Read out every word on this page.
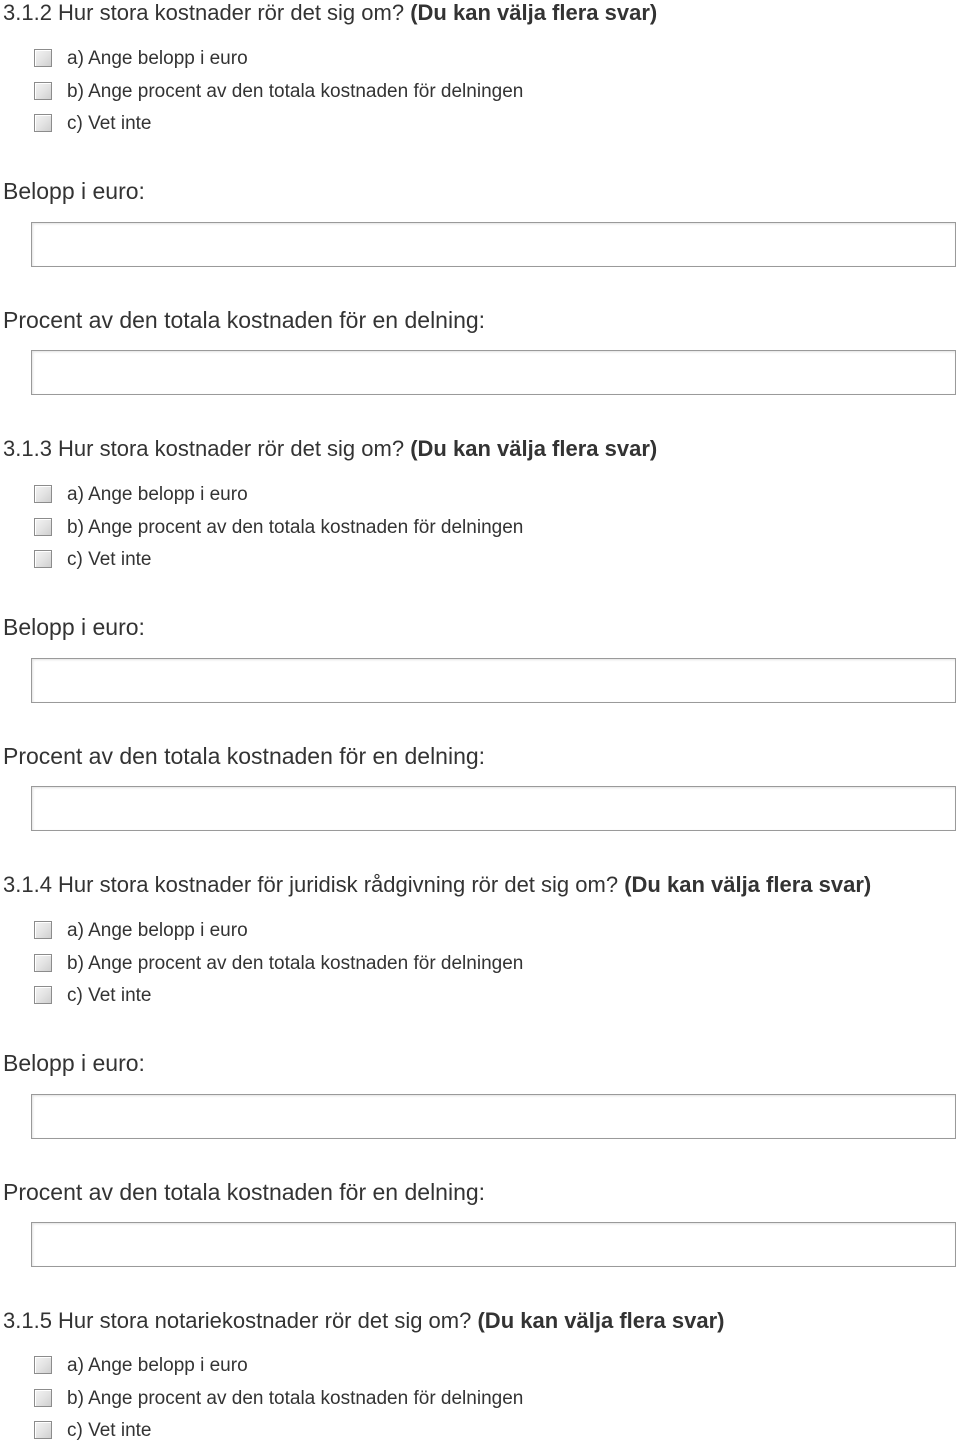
3.1.2 Hur stora kostnader rör det sig om? (Du kan välja flera svar)
a) Ange belopp i euro
b) Ange procent av den totala kostnaden för delningen
c) Vet inte
Belopp i euro:
Procent av den totala kostnaden för en delning:
3.1.3 Hur stora kostnader rör det sig om? (Du kan välja flera svar)
a) Ange belopp i euro
b) Ange procent av den totala kostnaden för delningen
c) Vet inte
Belopp i euro:
Procent av den totala kostnaden för en delning:
3.1.4 Hur stora kostnader för juridisk rådgivning rör det sig om? (Du kan välja flera svar)
a) Ange belopp i euro
b) Ange procent av den totala kostnaden för delningen
c) Vet inte
Belopp i euro:
Procent av den totala kostnaden för en delning:
3.1.5 Hur stora notariekostnader rör det sig om? (Du kan välja flera svar)
a) Ange belopp i euro
b) Ange procent av den totala kostnaden för delningen
c) Vet inte
